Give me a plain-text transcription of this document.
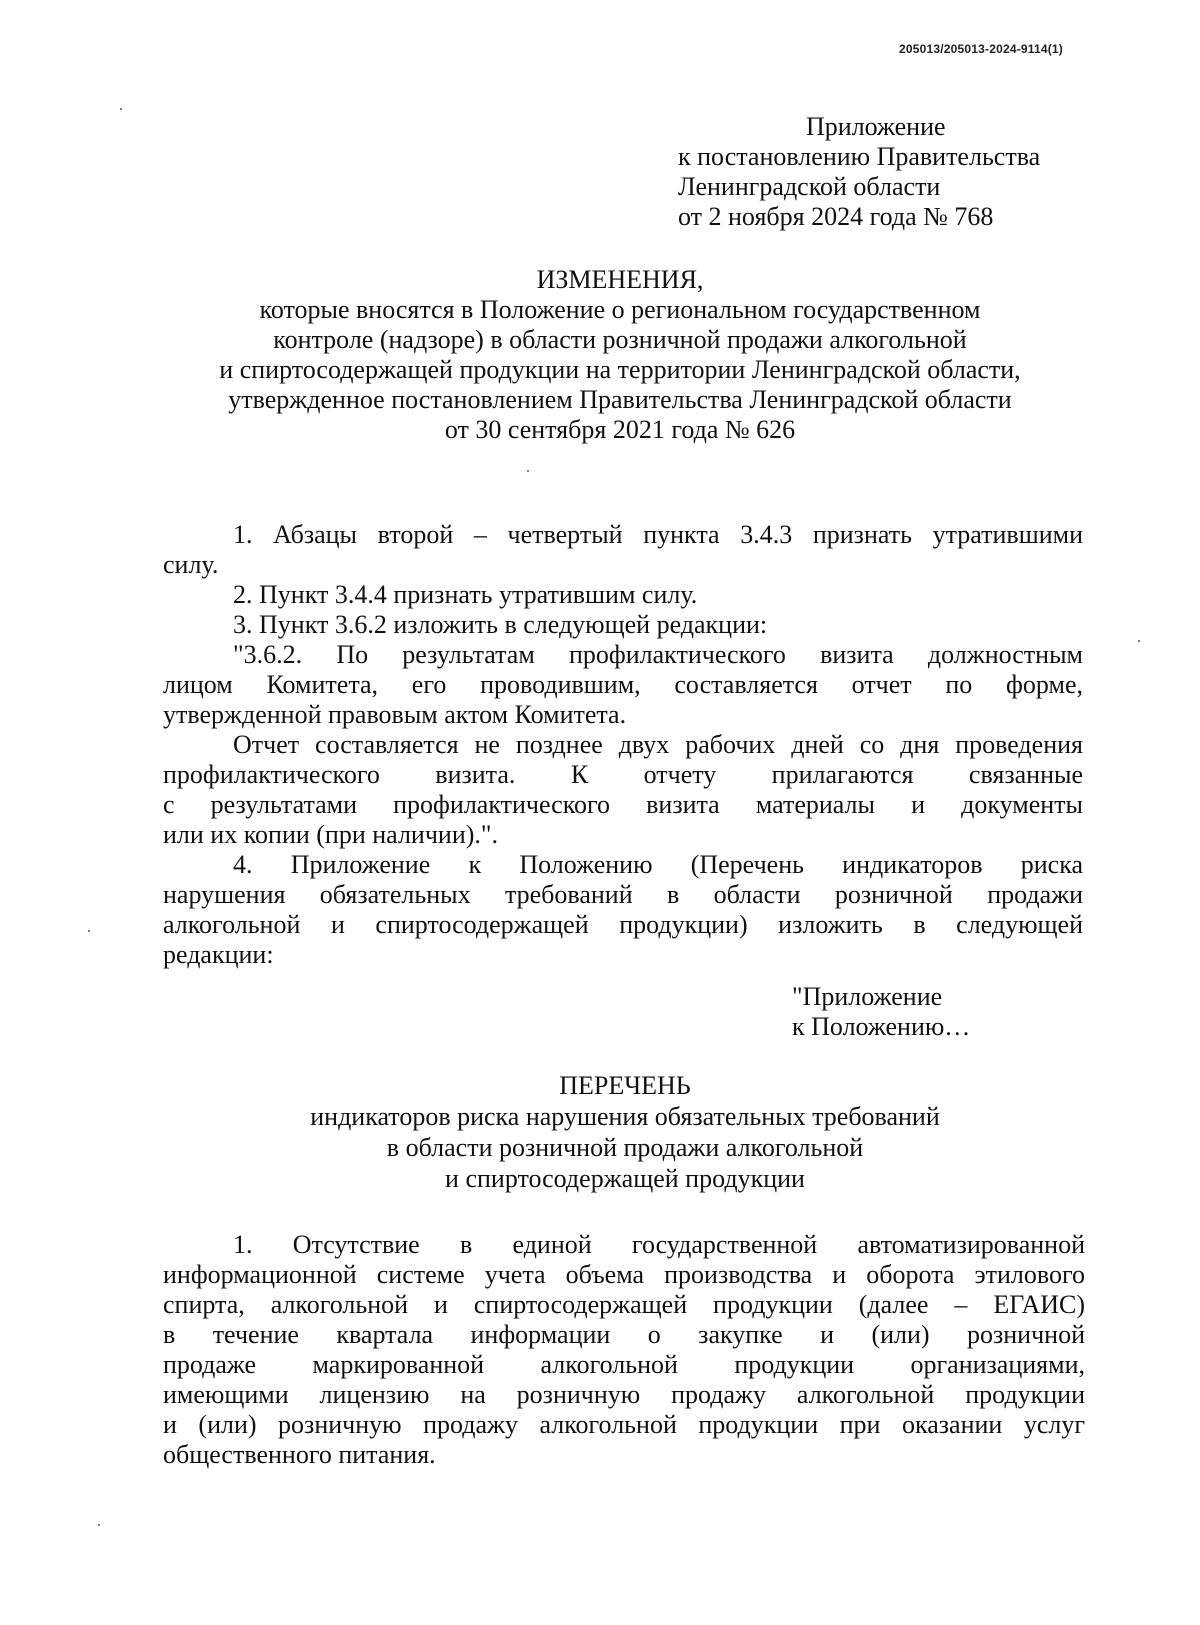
205013/205013-2024-9114(1)
Приложение
к постановлению Правительства
Ленинградской области
от 2 ноября 2024 года № 768
ИЗМЕНЕНИЯ,
которые вносятся в Положение о региональном государственном
контроле (надзоре) в области розничной продажи алкогольной
и спиртосодержащей продукции на территории Ленинградской области,
утвержденное постановлением Правительства Ленинградской области
от 30 сентября 2021 года № 626
1. Абзацы второй – четвертый пункта 3.4.3 признать утратившими
силу.
2. Пункт 3.4.4 признать утратившим силу.
3. Пункт 3.6.2 изложить в следующей редакции:
"3.6.2. По результатам профилактического визита должностным
лицом Комитета, его проводившим, составляется отчет по форме,
утвержденной правовым актом Комитета.
Отчет составляется не позднее двух рабочих дней со дня проведения
профилактического визита. К отчету прилагаются связанные
с результатами профилактического визита материалы и документы
или их копии (при наличии).".
4. Приложение к Положению (Перечень индикаторов риска
нарушения обязательных требований в области розничной продажи
алкогольной и спиртосодержащей продукции) изложить в следующей
редакции:
"Приложение
к Положению…
ПЕРЕЧЕНЬ
индикаторов риска нарушения обязательных требований
в области розничной продажи алкогольной
и спиртосодержащей продукции
1. Отсутствие в единой государственной автоматизированной
информационной системе учета объема производства и оборота этилового
спирта, алкогольной и спиртосодержащей продукции (далее – ЕГАИС)
в течение квартала информации о закупке и (или) розничной
продаже маркированной алкогольной продукции организациями,
имеющими лицензию на розничную продажу алкогольной продукции
и (или) розничную продажу алкогольной продукции при оказании услуг
общественного питания.
